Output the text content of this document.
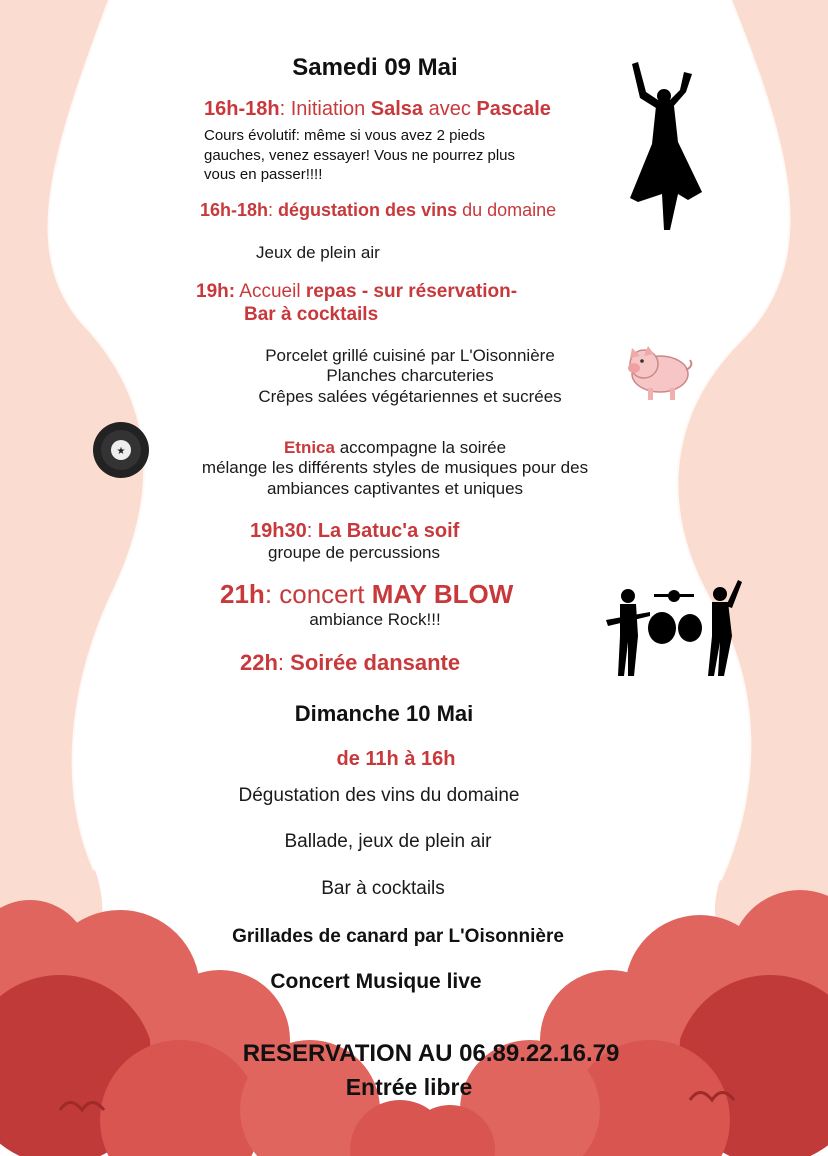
★
Samedi 09 Mai
16h-18h: Initiation Salsa avec Pascale
Cours évolutif: même si vous avez 2 pieds
gauches, venez essayer! Vous ne pourrez plus
vous en passer!!!!
16h-18h: dégustation des vins du domaine
Jeux de plein air
19h: Accueil repas - sur réservation-
Bar à cocktails
Porcelet grillé cuisiné par L'Oisonnière
Planches charcuteries
Crêpes salées végétariennes et sucrées
Etnica accompagne la soirée
mélange les différents styles de musiques pour des
ambiances captivantes et uniques
19h30: La Batuc'a soif
groupe de percussions
21h: concert MAY BLOW
ambiance Rock!!!
22h: Soirée dansante
Dimanche 10 Mai
de 11h à 16h
Dégustation des vins du domaine
Ballade, jeux de plein air
Bar à cocktails
Grillades de canard par L'Oisonnière
Concert Musique live
RESERVATION AU 06.89.22.16.79
Entrée libre
